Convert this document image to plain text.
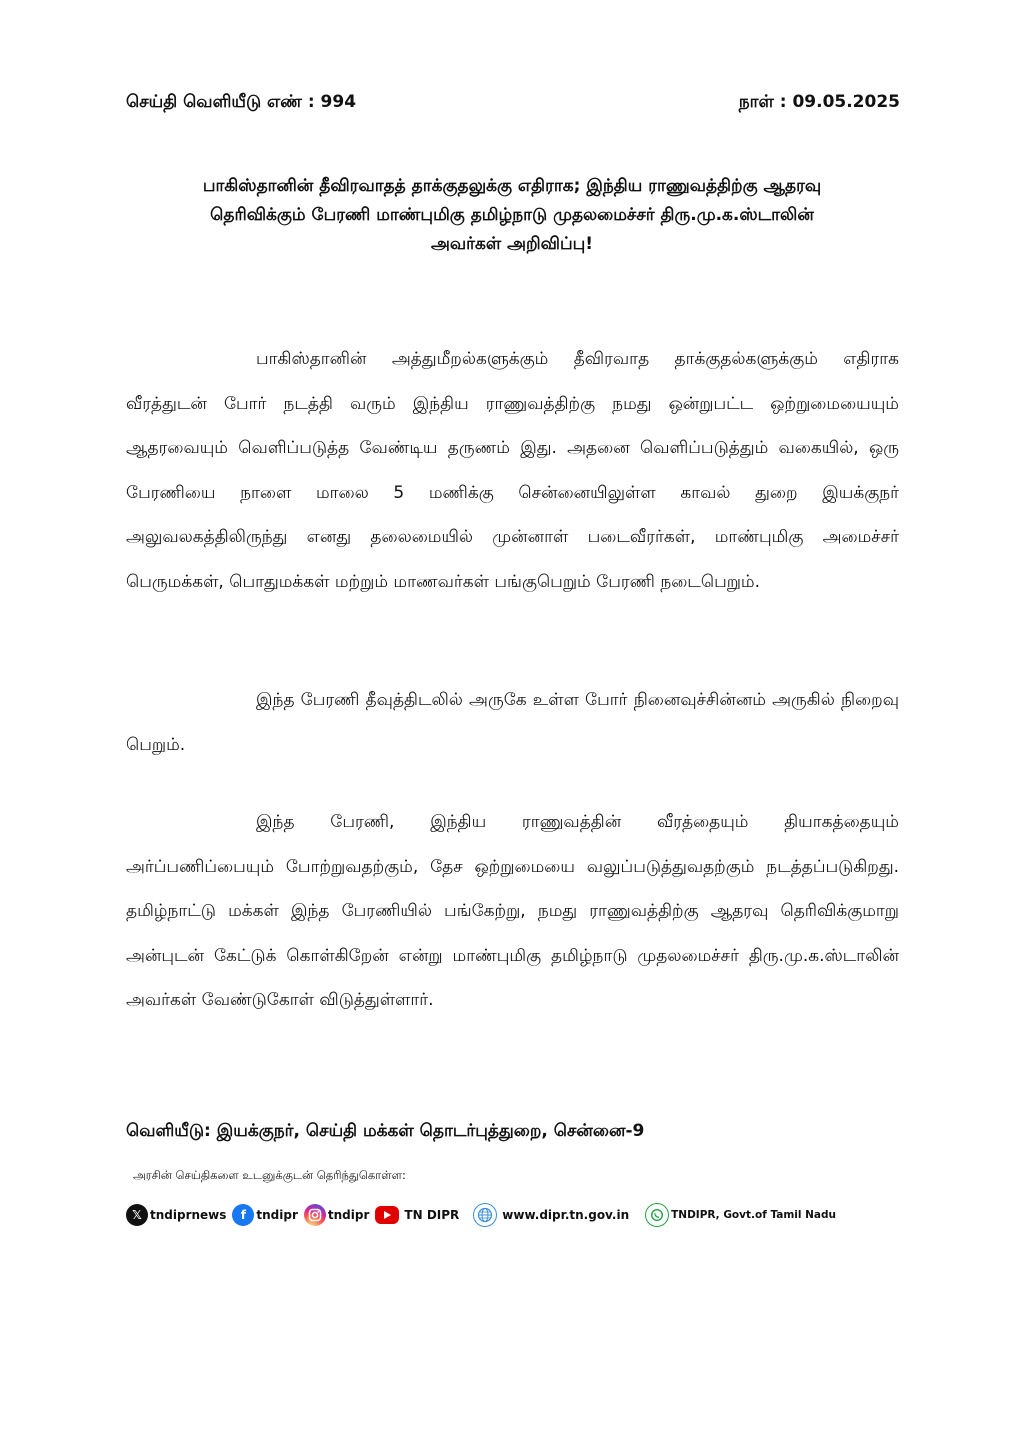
செய்தி வெளியீடு எண் : 994	நாள் : 09.05.2025
பாகிஸ்தானின் தீவிரவாதத் தாக்குதலுக்கு எதிராக; இந்திய ராணுவத்திற்கு ஆதரவு
தெரிவிக்கும் பேரணி மாண்புமிகு தமிழ்நாடு முதலமைச்சர் திரு.மு.க.ஸ்டாலின்
அவர்கள் அறிவிப்பு!

பாகிஸ்தானின் அத்துமீறல்களுக்கும் தீவிரவாத தாக்குதல்களுக்கும் எதிராக வீரத்துடன் போர் நடத்தி வரும் இந்திய ராணுவத்திற்கு நமது ஒன்றுபட்ட ஒற்றுமையையும் ஆதரவையும் வெளிப்படுத்த வேண்டிய தருணம் இது. அதனை வெளிப்படுத்தும் வகையில், ஒரு பேரணியை நாளை மாலை 5 மணிக்கு சென்னையிலுள்ள காவல் துறை இயக்குநர் அலுவலகத்திலிருந்து எனது தலைமையில் முன்னாள் படைவீரர்கள், மாண்புமிகு அமைச்சர் பெருமக்கள், பொதுமக்கள் மற்றும் மாணவர்கள் பங்குபெறும் பேரணி நடைபெறும்.

இந்த பேரணி தீவுத்திடலில் அருகே உள்ள போர் நினைவுச்சின்னம் அருகில் நிறைவு பெறும்.

இந்த பேரணி, இந்திய ராணுவத்தின் வீரத்தையும் தியாகத்தையும் அர்ப்பணிப்பையும் போற்றுவதற்கும், தேச ஒற்றுமையை வலுப்படுத்துவதற்கும் நடத்தப்படுகிறது. தமிழ்நாட்டு மக்கள் இந்த பேரணியில் பங்கேற்று, நமது ராணுவத்திற்கு ஆதரவு தெரிவிக்குமாறு அன்புடன் கேட்டுக் கொள்கிறேன் என்று மாண்புமிகு தமிழ்நாடு முதலமைச்சர் திரு.மு.க.ஸ்டாலின் அவர்கள் வேண்டுகோள் விடுத்துள்ளார்.

வெளியீடு: இயக்குநர், செய்தி மக்கள் தொடர்புத்துறை, சென்னை-9
அரசின் செய்திகளை உடனுக்குடன் தெரிந்துகொள்ள:
𝕏 tndiprnews	f tndipr	tndipr	TN DIPR	www.dipr.tn.gov.in	TNDIPR, Govt.of Tamil Nadu
